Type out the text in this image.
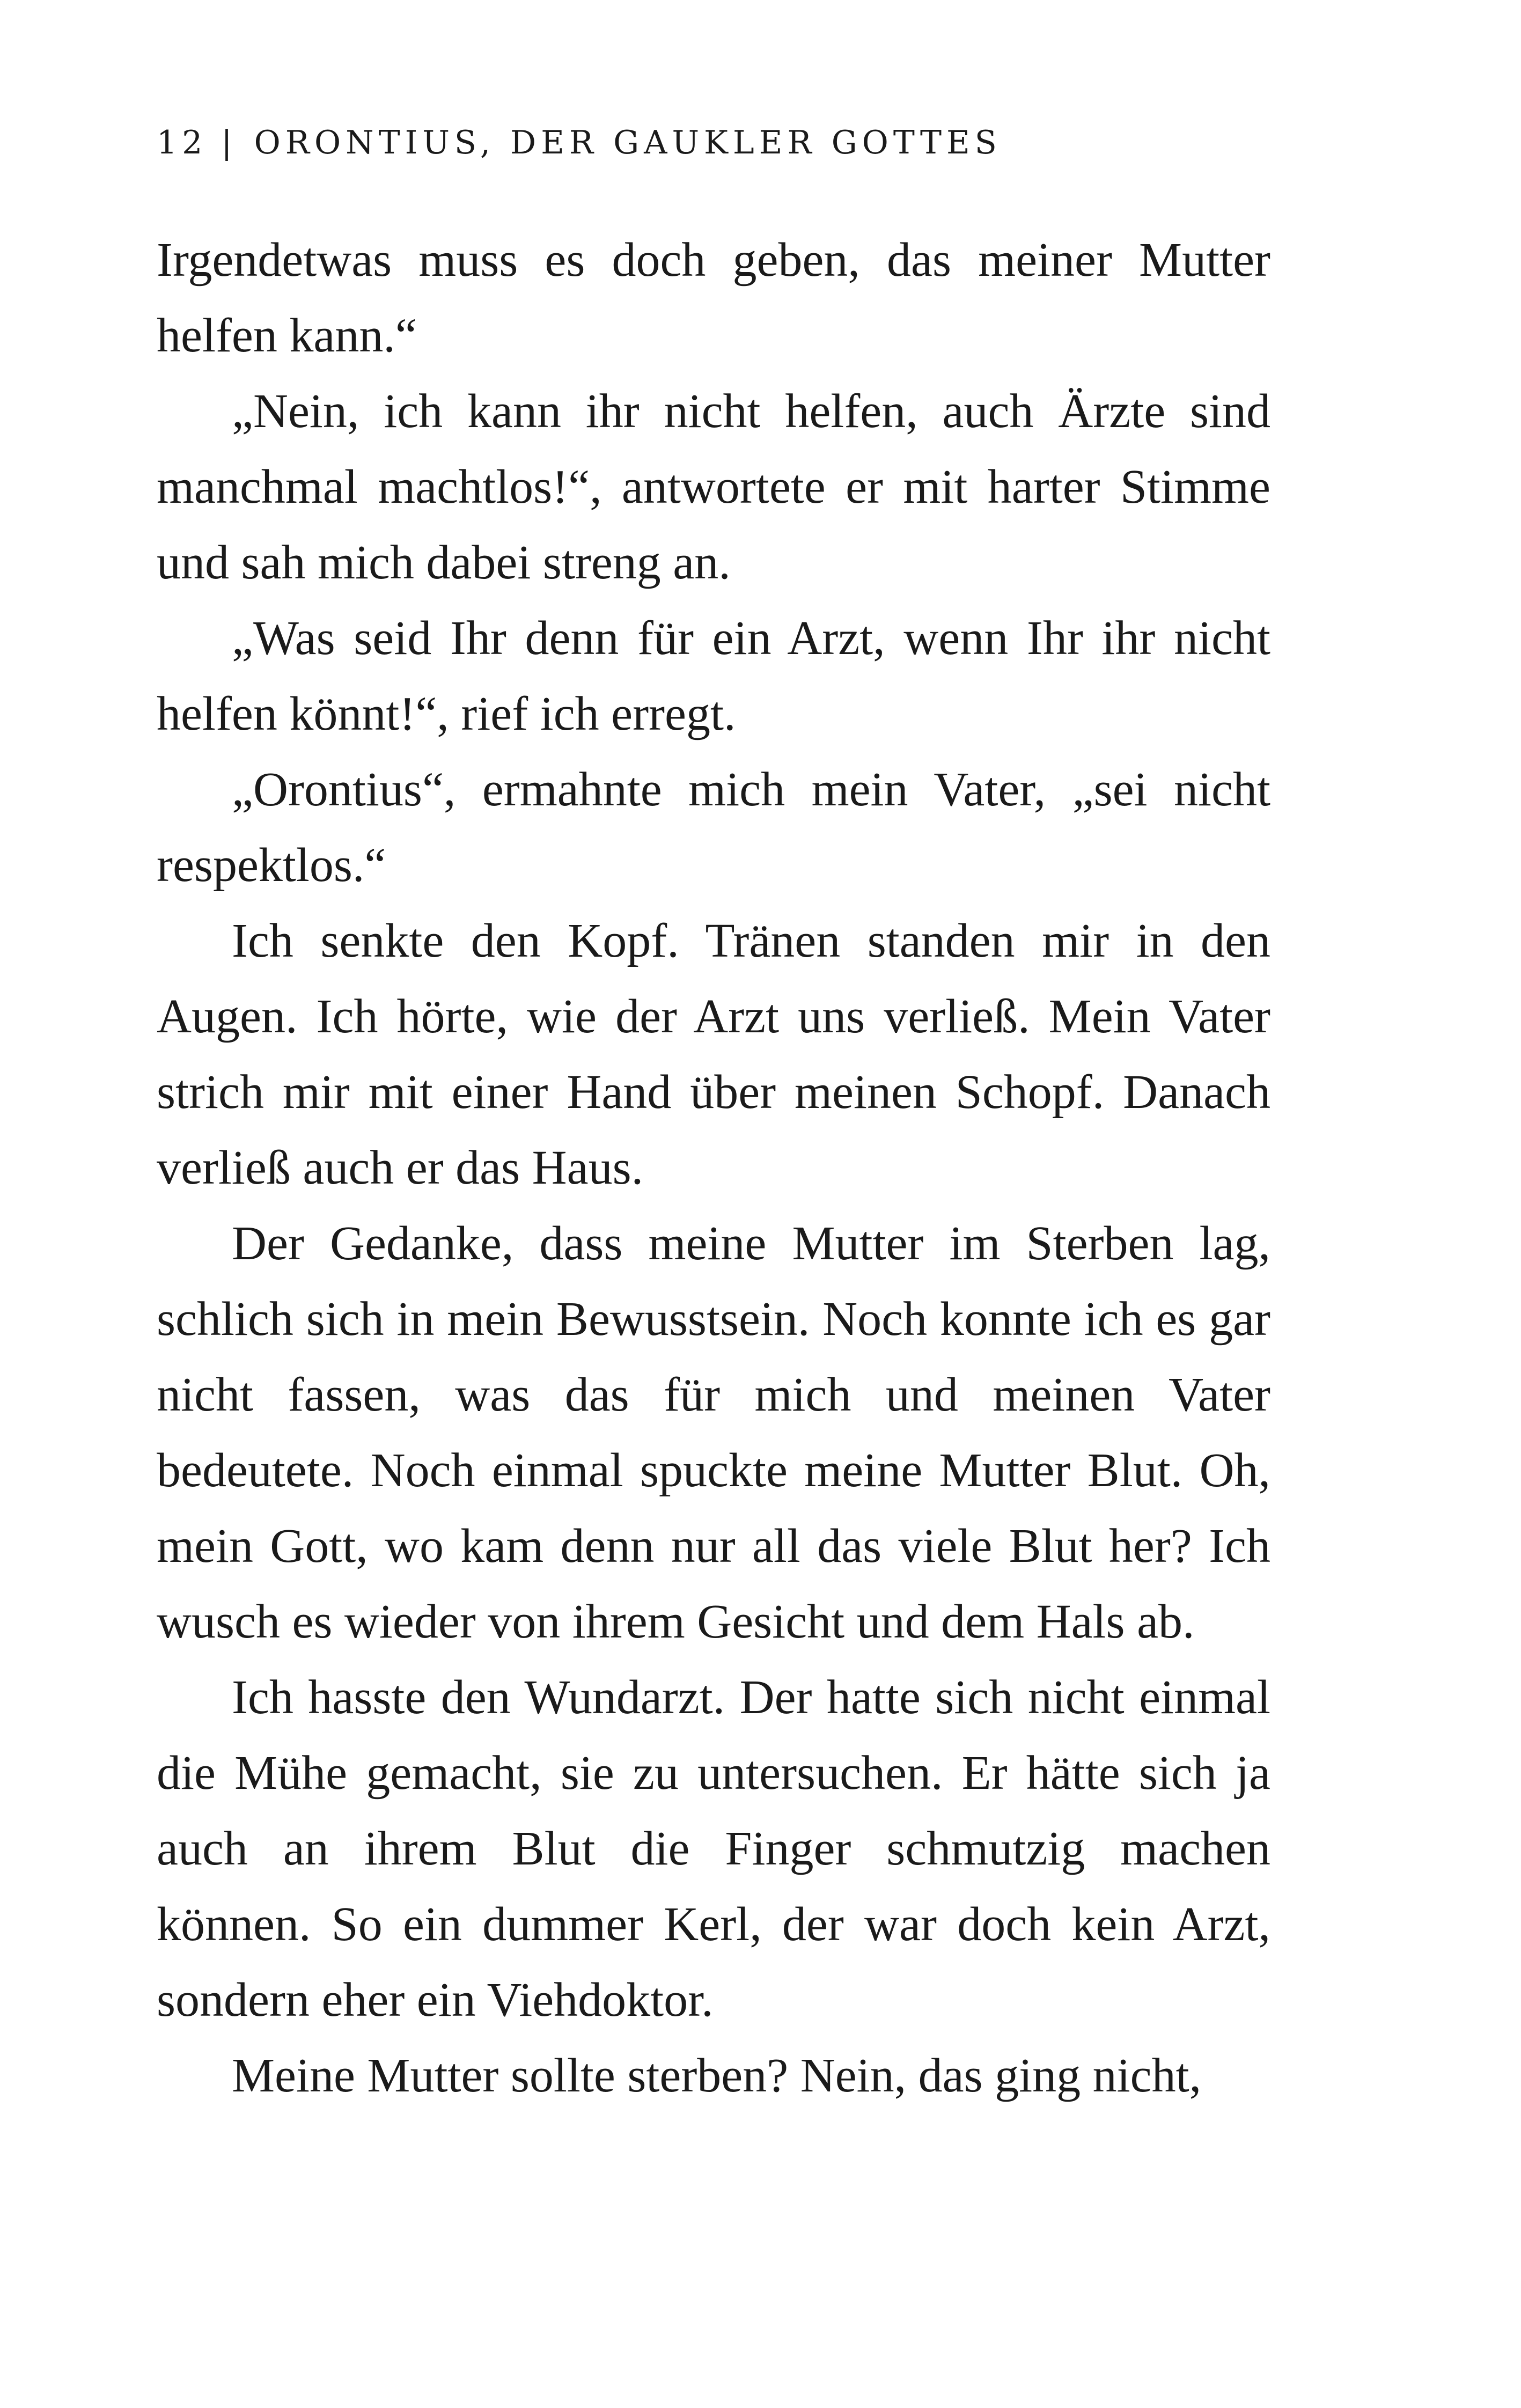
12 | ORONTIUS, DER GAUKLER GOTTES

Irgendetwas muss es doch geben, das meiner Mutter helfen kann.“

„Nein, ich kann ihr nicht helfen, auch Ärzte sind manchmal machtlos!“, antwortete er mit harter Stimme und sah mich dabei streng an.

„Was seid Ihr denn für ein Arzt, wenn Ihr ihr nicht helfen könnt!“, rief ich erregt.

„Orontius“, ermahnte mich mein Vater, „sei nicht respektlos.“

Ich senkte den Kopf. Tränen standen mir in den Augen. Ich hörte, wie der Arzt uns verließ. Mein Vater strich mir mit einer Hand über meinen Schopf. Danach verließ auch er das Haus.

Der Gedanke, dass meine Mutter im Sterben lag, schlich sich in mein Bewusstsein. Noch konnte ich es gar nicht fassen, was das für mich und meinen Vater bedeutete. Noch einmal spuckte meine Mutter Blut. Oh, mein Gott, wo kam denn nur all das viele Blut her? Ich wusch es wieder von ihrem Gesicht und dem Hals ab.

Ich hasste den Wundarzt. Der hatte sich nicht einmal die Mühe gemacht, sie zu untersuchen. Er hätte sich ja auch an ihrem Blut die Finger schmutzig machen können. So ein dummer Kerl, der war doch kein Arzt, sondern eher ein Viehdoktor.

Meine Mutter sollte sterben? Nein, das ging nicht,
